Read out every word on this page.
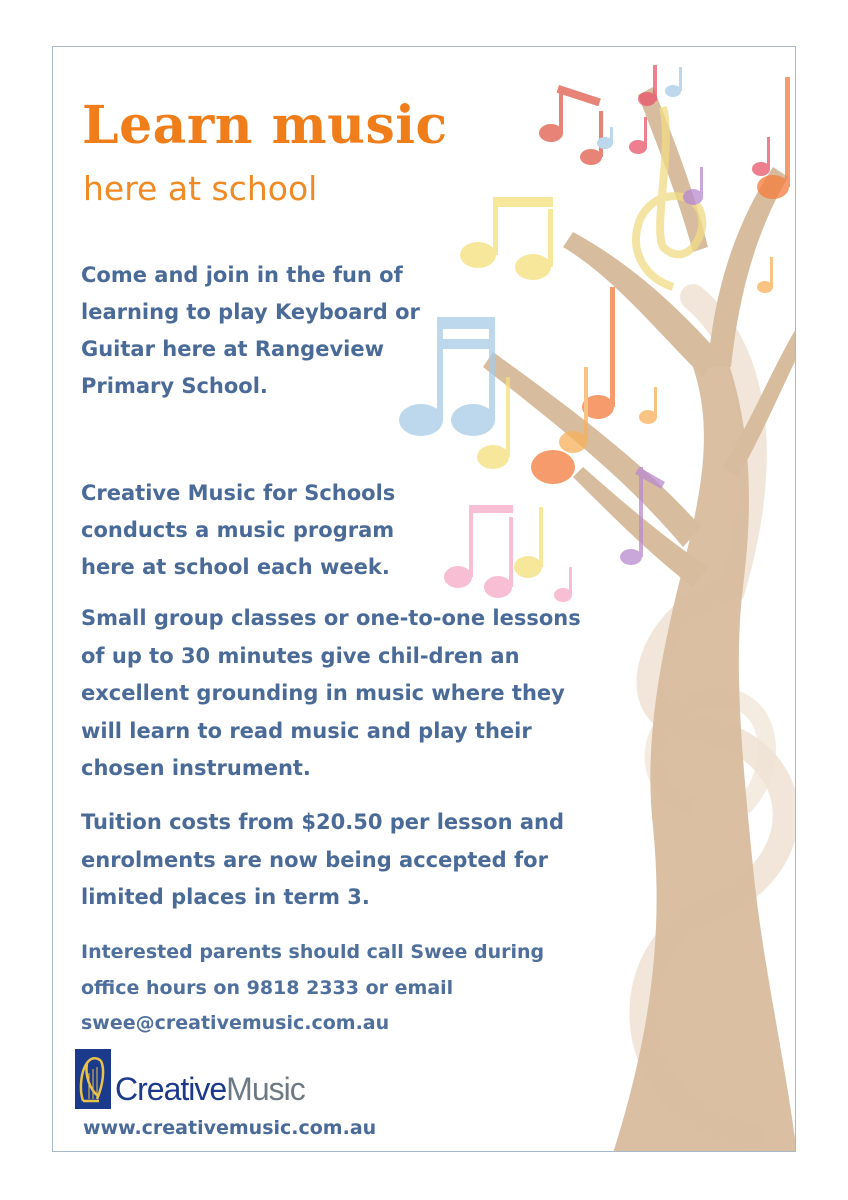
Learn music
here at school

Come and join in the fun of learning to play Keyboard or Guitar here at Rangeview Primary School.

Creative Music for Schools conducts a music program here at school each week.

Small group classes or one-to-one lessons of up to 30 minutes give chil-dren an excellent grounding in music where they will learn to read music and play their chosen instrument.

Tuition costs from $20.50 per lesson and enrolments are now being accepted for limited places in term 3.

Interested parents should call Swee during office hours on 9818 2333 or email swee@creativemusic.com.au

CreativeMusic
www.creativemusic.com.au
